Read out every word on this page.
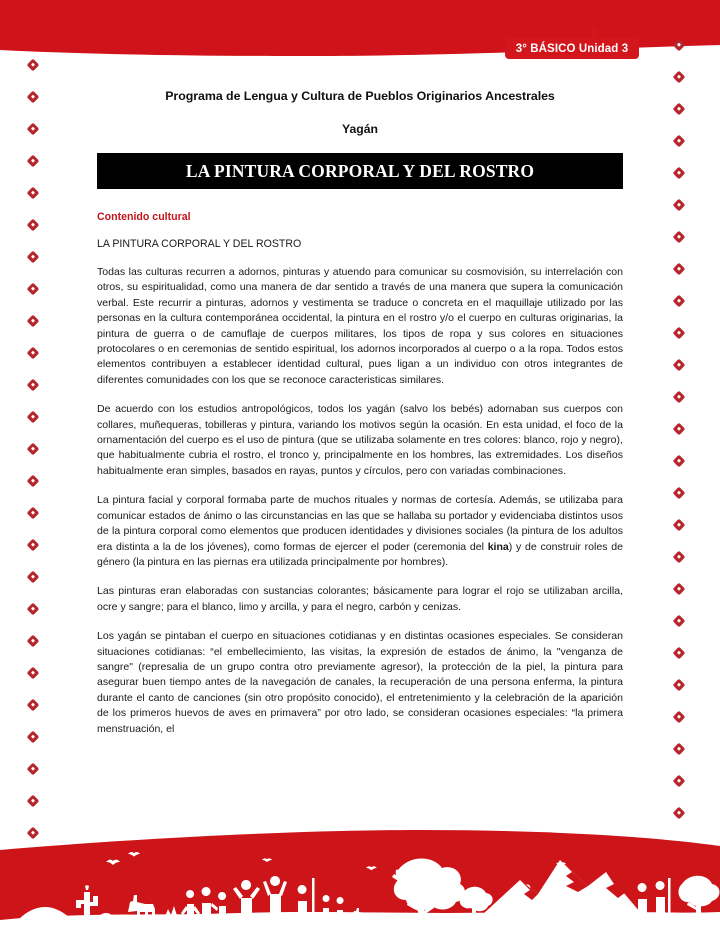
3° BÁSICO Unidad 3
Programa de Lengua y Cultura de Pueblos Originarios Ancestrales
Yagán
LA PINTURA CORPORAL Y DEL ROSTRO
Contenido cultural
LA PINTURA CORPORAL Y DEL ROSTRO

Todas las culturas recurren a adornos, pinturas y atuendo para comunicar su cosmovisión, su interrelación con otros, su espiritualidad, como una manera de dar sentido a través de una manera que supera la comunicación verbal. Este recurrir a pinturas, adornos y vestimenta se traduce o concreta en el maquillaje utilizado por las personas en la cultura contemporánea occidental, la pintura en el rostro y/o el cuerpo en culturas originarias, la pintura de guerra o de camuflaje de cuerpos militares, los tipos de ropa y sus colores en situaciones protocolares o en ceremonias de sentido espiritual, los adornos incorporados al cuerpo o a la ropa. Todos estos elementos contribuyen a establecer identidad cultural, pues ligan a un individuo con otros integrantes de diferentes comunidades con los que se reconoce caracteristicas similares.

De acuerdo con los estudios antropológicos, todos los yagán (salvo los bebés) adornaban sus cuerpos con collares, muñequeras, tobilleras y pintura, variando los motivos según la ocasión. En esta unidad, el foco de la ornamentación del cuerpo es el uso de pintura (que se utilizaba solamente en tres colores: blanco, rojo y negro), que habitualmente cubria el rostro, el tronco y, principalmente en los hombres, las extremidades. Los diseños habitualmente eran simples, basados en rayas, puntos y círculos, pero con variadas combinaciones.

La pintura facial y corporal formaba parte de muchos rituales y normas de cortesía. Además, se utilizaba para comunicar estados de ánimo o las circunstancias en las que se hallaba su portador y evidenciaba distintos usos de la pintura corporal como elementos que producen identidades y divisiones sociales (la pintura de los adultos era distinta a la de los jóvenes), como formas de ejercer el poder (ceremonia del kina) y de construir roles de género (la pintura en las piernas era utilizada principalmente por hombres).

Las pinturas eran elaboradas con sustancias colorantes; básicamente para lograr el rojo se utilizaban arcilla, ocre y sangre; para el blanco, limo y arcilla, y para el negro, carbón y cenizas.

Los yagán se pintaban el cuerpo en situaciones cotidianas y en distintas ocasiones especiales. Se consideran situaciones cotidianas: “el embellecimiento, las visitas, la expresión de estados de ánimo, la "venganza de sangre" (represalia de un grupo contra otro previamente agresor), la protección de la piel, la pintura para asegurar buen tiempo antes de la navegación de canales, la recuperación de una persona enferma, la pintura durante el canto de canciones (sin otro propósito conocido), el entretenimiento y la celebración de la aparición de los primeros huevos de aves en primavera” por otro lado, se consideran ocasiones especiales: “la primera menstruación, el
